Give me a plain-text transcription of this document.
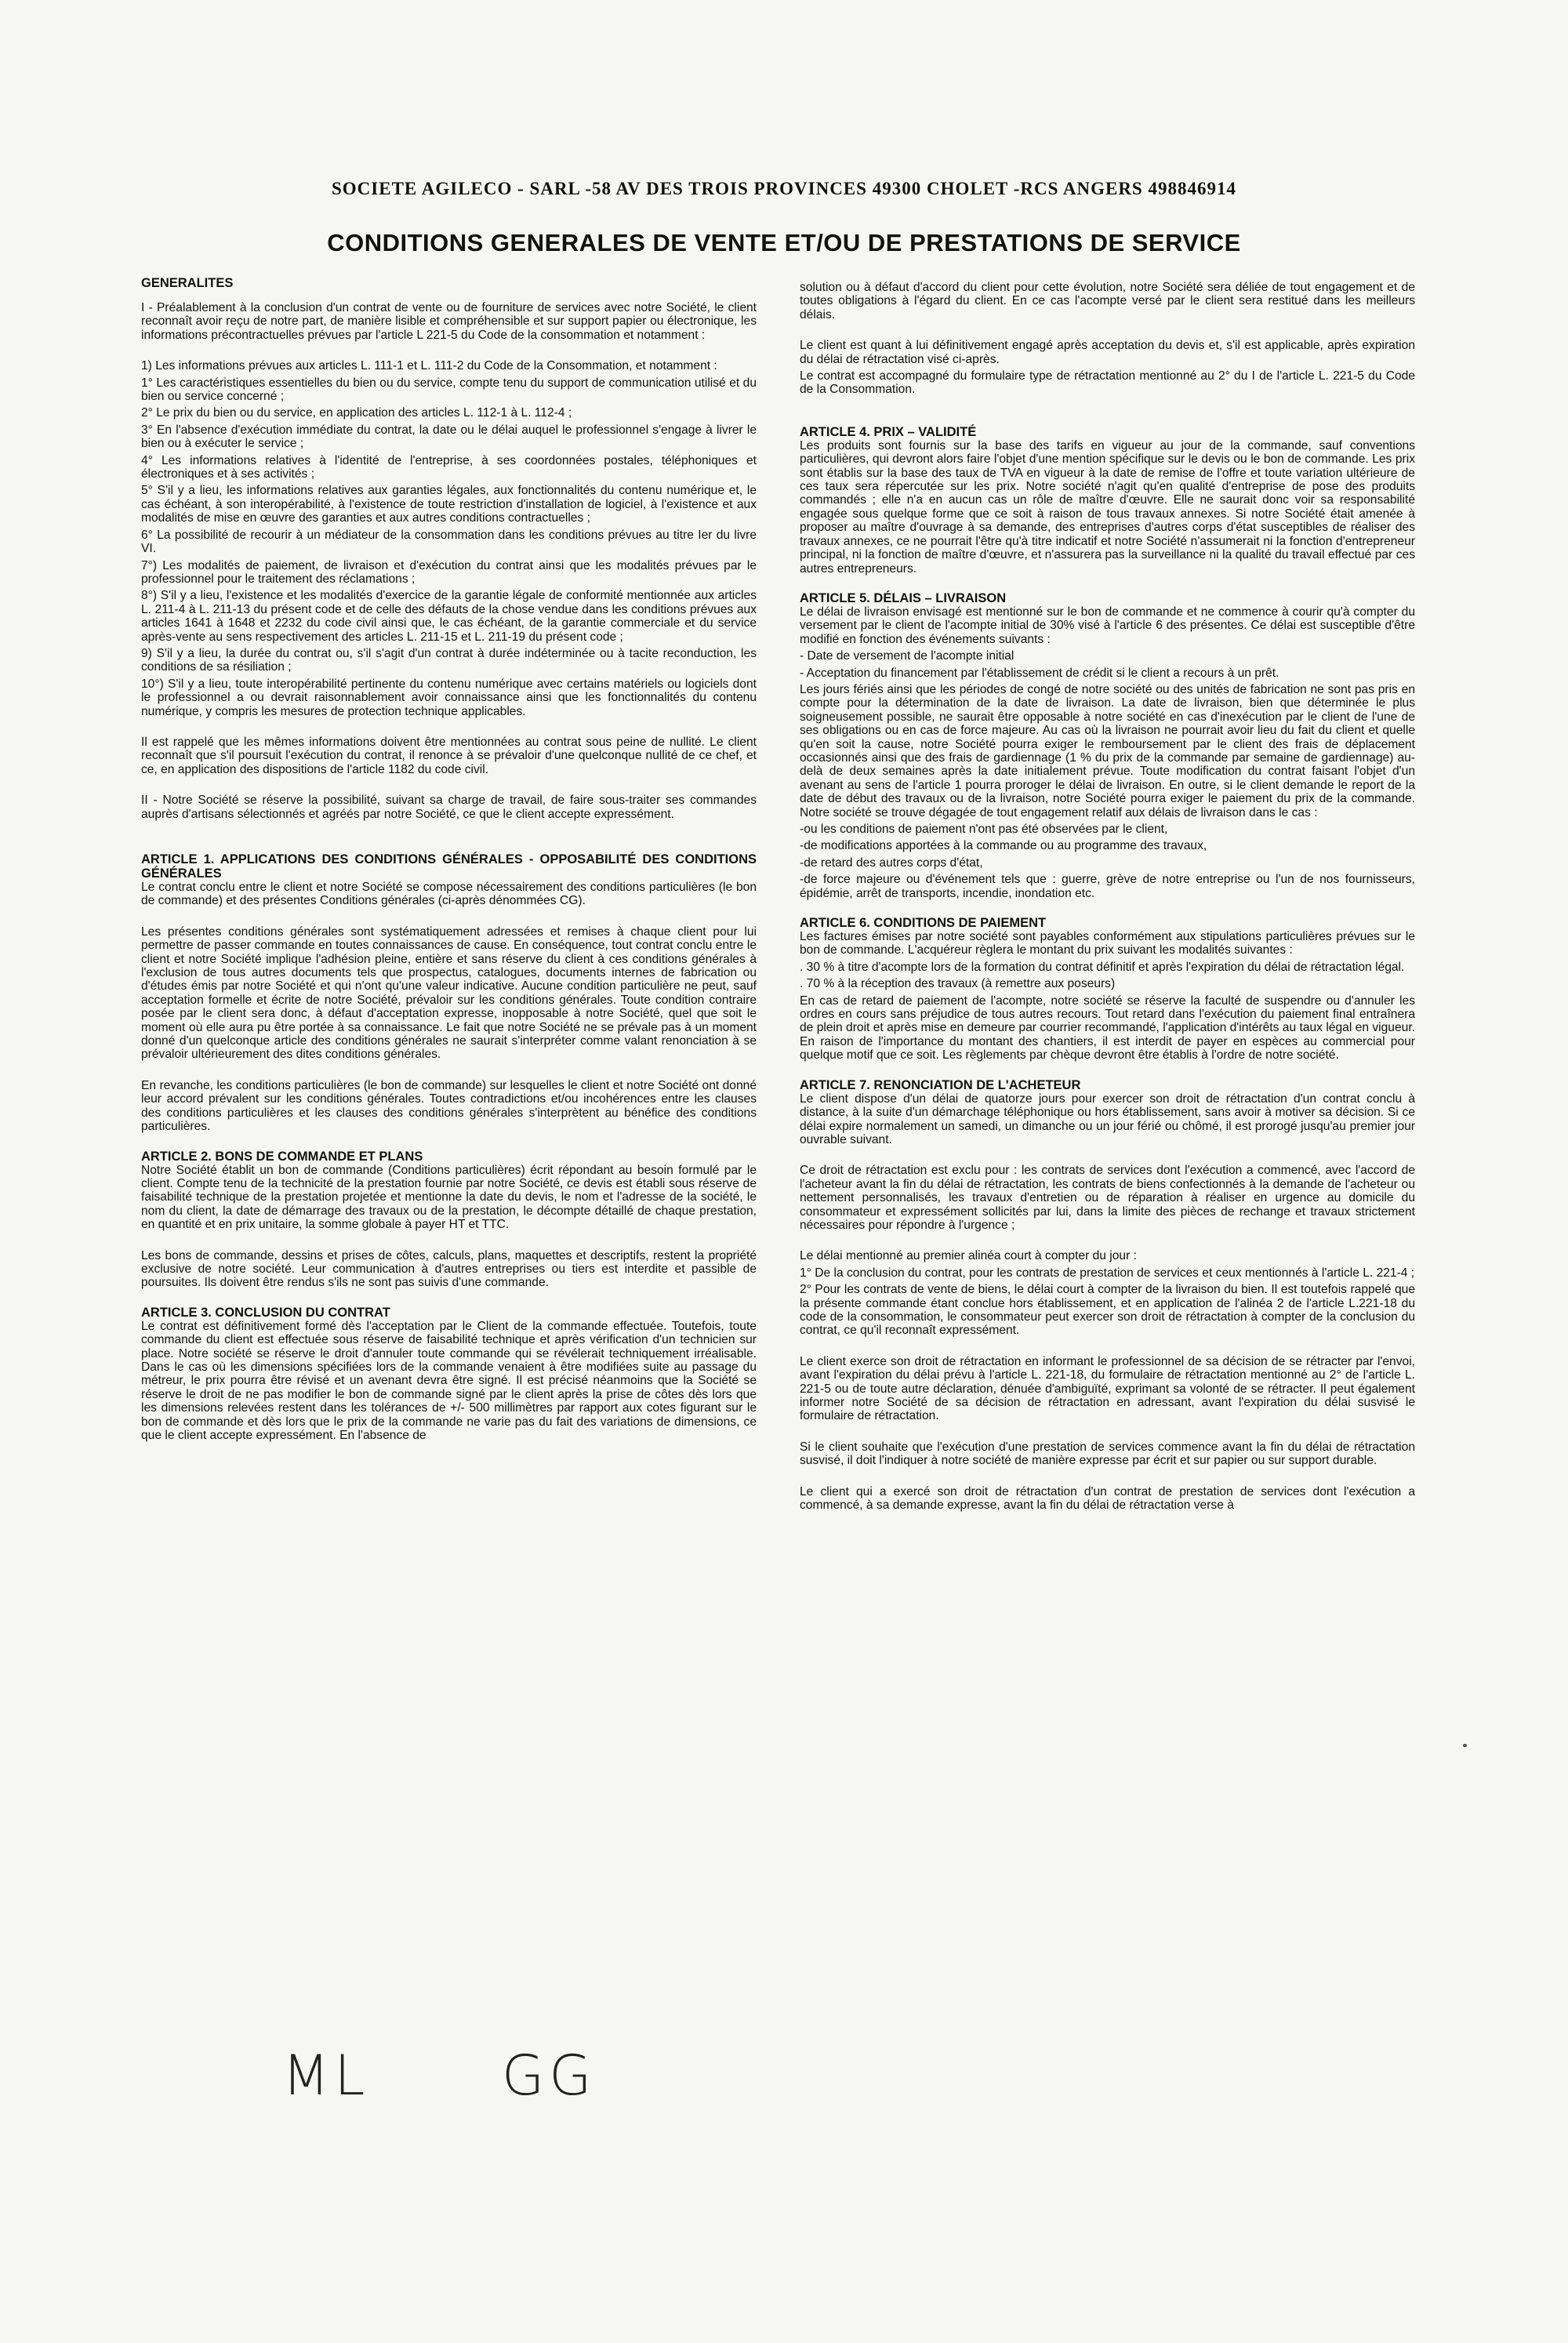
SOCIETE AGILECO - SARL -58 AV DES TROIS PROVINCES 49300 CHOLET -RCS ANGERS 498846914
CONDITIONS GENERALES DE VENTE ET/OU DE PRESTATIONS DE SERVICE
GENERALITES

I - Préalablement à la conclusion d'un contrat de vente ou de fourniture de services avec notre Société, le client reconnaît avoir reçu de notre part, de manière lisible et compréhensible et sur support papier ou électronique, les informations précontractuelles prévues par l'article L 221-5 du Code de la consommation et notamment :

1) Les informations prévues aux articles L. 111-1 et L. 111-2 du Code de la Consommation, et notamment :

1° Les caractéristiques essentielles du bien ou du service, compte tenu du support de communication utilisé et du bien ou service concerné ;

2° Le prix du bien ou du service, en application des articles L. 112-1 à L. 112-4 ;

3° En l'absence d'exécution immédiate du contrat, la date ou le délai auquel le professionnel s'engage à livrer le bien ou à exécuter le service ;

4° Les informations relatives à l'identité de l'entreprise, à ses coordonnées postales, téléphoniques et électroniques et à ses activités ;

5° S'il y a lieu, les informations relatives aux garanties légales, aux fonctionnalités du contenu numérique et, le cas échéant, à son interopérabilité, à l'existence de toute restriction d'installation de logiciel, à l'existence et aux modalités de mise en œuvre des garanties et aux autres conditions contractuelles ;

6° La possibilité de recourir à un médiateur de la consommation dans les conditions prévues au titre Ier du livre VI.

7°) Les modalités de paiement, de livraison et d'exécution du contrat ainsi que les modalités prévues par le professionnel pour le traitement des réclamations ;

8°) S'il y a lieu, l'existence et les modalités d'exercice de la garantie légale de conformité mentionnée aux articles L. 211-4 à L. 211-13 du présent code et de celle des défauts de la chose vendue dans les conditions prévues aux articles 1641 à 1648 et 2232 du code civil ainsi que, le cas échéant, de la garantie commerciale et du service après-vente au sens respectivement des articles L. 211-15 et L. 211-19 du présent code ;

9) S'il y a lieu, la durée du contrat ou, s'il s'agit d'un contrat à durée indéterminée ou à tacite reconduction, les conditions de sa résiliation ;

10°) S'il y a lieu, toute interopérabilité pertinente du contenu numérique avec certains matériels ou logiciels dont le professionnel a ou devrait raisonnablement avoir connaissance ainsi que les fonctionnalités du contenu numérique, y compris les mesures de protection technique applicables.

Il est rappelé que les mêmes informations doivent être mentionnées au contrat sous peine de nullité. Le client reconnaît que s'il poursuit l'exécution du contrat, il renonce à se prévaloir d'une quelconque nullité de ce chef, et ce, en application des dispositions de l'article 1182 du code civil.

II - Notre Société se réserve la possibilité, suivant sa charge de travail, de faire sous-traiter ses commandes auprès d'artisans sélectionnés et agréés par notre Société, ce que le client accepte expressément.

ARTICLE 1. APPLICATIONS DES CONDITIONS GÉNÉRALES - OPPOSABILITÉ DES CONDITIONS GÉNÉRALES

Le contrat conclu entre le client et notre Société se compose nécessairement des conditions particulières (le bon de commande) et des présentes Conditions générales (ci-après dénommées CG).

Les présentes conditions générales sont systématiquement adressées et remises à chaque client pour lui permettre de passer commande en toutes connaissances de cause. En conséquence, tout contrat conclu entre le client et notre Société implique l'adhésion pleine, entière et sans réserve du client à ces conditions générales à l'exclusion de tous autres documents tels que prospectus, catalogues, documents internes de fabrication ou d'études émis par notre Société et qui n'ont qu'une valeur indicative. Aucune condition particulière ne peut, sauf acceptation formelle et écrite de notre Société, prévaloir sur les conditions générales. Toute condition contraire posée par le client sera donc, à défaut d'acceptation expresse, inopposable à notre Société, quel que soit le moment où elle aura pu être portée à sa connaissance. Le fait que notre Société ne se prévale pas à un moment donné d'un quelconque article des conditions générales ne saurait s'interpréter comme valant renonciation à se prévaloir ultérieurement des dites conditions générales.

En revanche, les conditions particulières (le bon de commande) sur lesquelles le client et notre Société ont donné leur accord prévalent sur les conditions générales. Toutes contradictions et/ou incohérences entre les clauses des conditions particulières et les clauses des conditions générales s'interprètent au bénéfice des conditions particulières.

ARTICLE 2. BONS DE COMMANDE ET PLANS

Notre Société établit un bon de commande (Conditions particulières) écrit répondant au besoin formulé par le client. Compte tenu de la technicité de la prestation fournie par notre Société, ce devis est établi sous réserve de faisabilité technique de la prestation projetée et mentionne la date du devis, le nom et l'adresse de la société, le nom du client, la date de démarrage des travaux ou de la prestation, le décompte détaillé de chaque prestation, en quantité et en prix unitaire, la somme globale à payer HT et TTC.

Les bons de commande, dessins et prises de côtes, calculs, plans, maquettes et descriptifs, restent la propriété exclusive de notre société. Leur communication à d'autres entreprises ou tiers est interdite et passible de poursuites. Ils doivent être rendus s'ils ne sont pas suivis d'une commande.

ARTICLE 3. CONCLUSION DU CONTRAT

Le contrat est définitivement formé dès l'acceptation par le Client de la commande effectuée. Toutefois, toute commande du client est effectuée sous réserve de faisabilité technique et après vérification d'un technicien sur place. Notre société se réserve le droit d'annuler toute commande qui se révélerait techniquement irréalisable. Dans le cas où les dimensions spécifiées lors de la commande venaient à être modifiées suite au passage du métreur, le prix pourra être révisé et un avenant devra être signé. Il est précisé néanmoins que la Société se réserve le droit de ne pas modifier le bon de commande signé par le client après la prise de côtes dès lors que les dimensions relevées restent dans les tolérances de +/- 500 millimètres par rapport aux cotes figurant sur le bon de commande et dès lors que le prix de la commande ne varie pas du fait des variations de dimensions, ce que le client accepte expressément. En l'absence de

solution ou à défaut d'accord du client pour cette évolution, notre Société sera déliée de tout engagement et de toutes obligations à l'égard du client. En ce cas l'acompte versé par le client sera restitué dans les meilleurs délais.

Le client est quant à lui définitivement engagé après acceptation du devis et, s'il est applicable, après expiration du délai de rétractation visé ci-après.

Le contrat est accompagné du formulaire type de rétractation mentionné au 2° du I de l'article L. 221-5 du Code de la Consommation.

ARTICLE 4. PRIX – VALIDITÉ

Les produits sont fournis sur la base des tarifs en vigueur au jour de la commande, sauf conventions particulières, qui devront alors faire l'objet d'une mention spécifique sur le devis ou le bon de commande. Les prix sont établis sur la base des taux de TVA en vigueur à la date de remise de l'offre et toute variation ultérieure de ces taux sera répercutée sur les prix. Notre société n'agit qu'en qualité d'entreprise de pose des produits commandés ; elle n'a en aucun cas un rôle de maître d'œuvre. Elle ne saurait donc voir sa responsabilité engagée sous quelque forme que ce soit à raison de tous travaux annexes. Si notre Société était amenée à proposer au maître d'ouvrage à sa demande, des entreprises d'autres corps d'état susceptibles de réaliser des travaux annexes, ce ne pourrait l'être qu'à titre indicatif et notre Société n'assumerait ni la fonction d'entrepreneur principal, ni la fonction de maître d'œuvre, et n'assurera pas la surveillance ni la qualité du travail effectué par ces autres entrepreneurs.

ARTICLE 5. DÉLAIS – LIVRAISON

Le délai de livraison envisagé est mentionné sur le bon de commande et ne commence à courir qu'à compter du versement par le client de l'acompte initial de 30% visé à l'article 6 des présentes. Ce délai est susceptible d'être modifié en fonction des événements suivants :

- Date de versement de l'acompte initial

- Acceptation du financement par l'établissement de crédit si le client a recours à un prêt.

Les jours fériés ainsi que les périodes de congé de notre société ou des unités de fabrication ne sont pas pris en compte pour la détermination de la date de livraison. La date de livraison, bien que déterminée le plus soigneusement possible, ne saurait être opposable à notre société en cas d'inexécution par le client de l'une de ses obligations ou en cas de force majeure. Au cas où la livraison ne pourrait avoir lieu du fait du client et quelle qu'en soit la cause, notre Société pourra exiger le remboursement par le client des frais de déplacement occasionnés ainsi que des frais de gardiennage (1 % du prix de la commande par semaine de gardiennage) au-delà de deux semaines après la date initialement prévue. Toute modification du contrat faisant l'objet d'un avenant au sens de l'article 1 pourra proroger le délai de livraison. En outre, si le client demande le report de la date de début des travaux ou de la livraison, notre Société pourra exiger le paiement du prix de la commande. Notre société se trouve dégagée de tout engagement relatif aux délais de livraison dans le cas :

-ou les conditions de paiement n'ont pas été observées par le client,

-de modifications apportées à la commande ou au programme des travaux,

-de retard des autres corps d'état,

-de force majeure ou d'événement tels que : guerre, grève de notre entreprise ou l'un de nos fournisseurs, épidémie, arrêt de transports, incendie, inondation etc.

ARTICLE 6. CONDITIONS DE PAIEMENT

Les factures émises par notre société sont payables conformément aux stipulations particulières prévues sur le bon de commande. L'acquéreur règlera le montant du prix suivant les modalités suivantes :

. 30 % à titre d'acompte lors de la formation du contrat définitif et après l'expiration du délai de rétractation légal.

. 70 % à la réception des travaux (à remettre aux poseurs)

En cas de retard de paiement de l'acompte, notre société se réserve la faculté de suspendre ou d'annuler les ordres en cours sans préjudice de tous autres recours. Tout retard dans l'exécution du paiement final entraînera de plein droit et après mise en demeure par courrier recommandé, l'application d'intérêts au taux légal en vigueur. En raison de l'importance du montant des chantiers, il est interdit de payer en espèces au commercial pour quelque motif que ce soit. Les règlements par chèque devront être établis à l'ordre de notre société.

ARTICLE 7. RENONCIATION DE L'ACHETEUR

Le client dispose d'un délai de quatorze jours pour exercer son droit de rétractation d'un contrat conclu à distance, à la suite d'un démarchage téléphonique ou hors établissement, sans avoir à motiver sa décision. Si ce délai expire normalement un samedi, un dimanche ou un jour férié ou chômé, il est prorogé jusqu'au premier jour ouvrable suivant.

Ce droit de rétractation est exclu pour : les contrats de services dont l'exécution a commencé, avec l'accord de l'acheteur avant la fin du délai de rétractation, les contrats de biens confectionnés à la demande de l'acheteur ou nettement personnalisés, les travaux d'entretien ou de réparation à réaliser en urgence au domicile du consommateur et expressément sollicités par lui, dans la limite des pièces de rechange et travaux strictement nécessaires pour répondre à l'urgence ;

Le délai mentionné au premier alinéa court à compter du jour :

1° De la conclusion du contrat, pour les contrats de prestation de services et ceux mentionnés à l'article L. 221-4 ;

2° Pour les contrats de vente de biens, le délai court à compter de la livraison du bien. Il est toutefois rappelé que la présente commande étant conclue hors établissement, et en application de l'alinéa 2 de l'article L.221-18 du code de la consommation, le consommateur peut exercer son droit de rétractation à compter de la conclusion du contrat, ce qu'il reconnaît expressément.

Le client exerce son droit de rétractation en informant le professionnel de sa décision de se rétracter par l'envoi, avant l'expiration du délai prévu à l'article L. 221-18, du formulaire de rétractation mentionné au 2° de l'article L. 221-5 ou de toute autre déclaration, dénuée d'ambiguïté, exprimant sa volonté de se rétracter. Il peut également informer notre Société de sa décision de rétractation en adressant, avant l'expiration du délai susvisé le formulaire de rétractation.

Si le client souhaite que l'exécution d'une prestation de services commence avant la fin du délai de rétractation susvisé, il doit l'indiquer à notre société de manière expresse par écrit et sur papier ou sur support durable.

Le client qui a exercé son droit de rétractation d'un contrat de prestation de services dont l'exécution a commencé, à sa demande expresse, avant la fin du délai de rétractation verse à

ML GG
